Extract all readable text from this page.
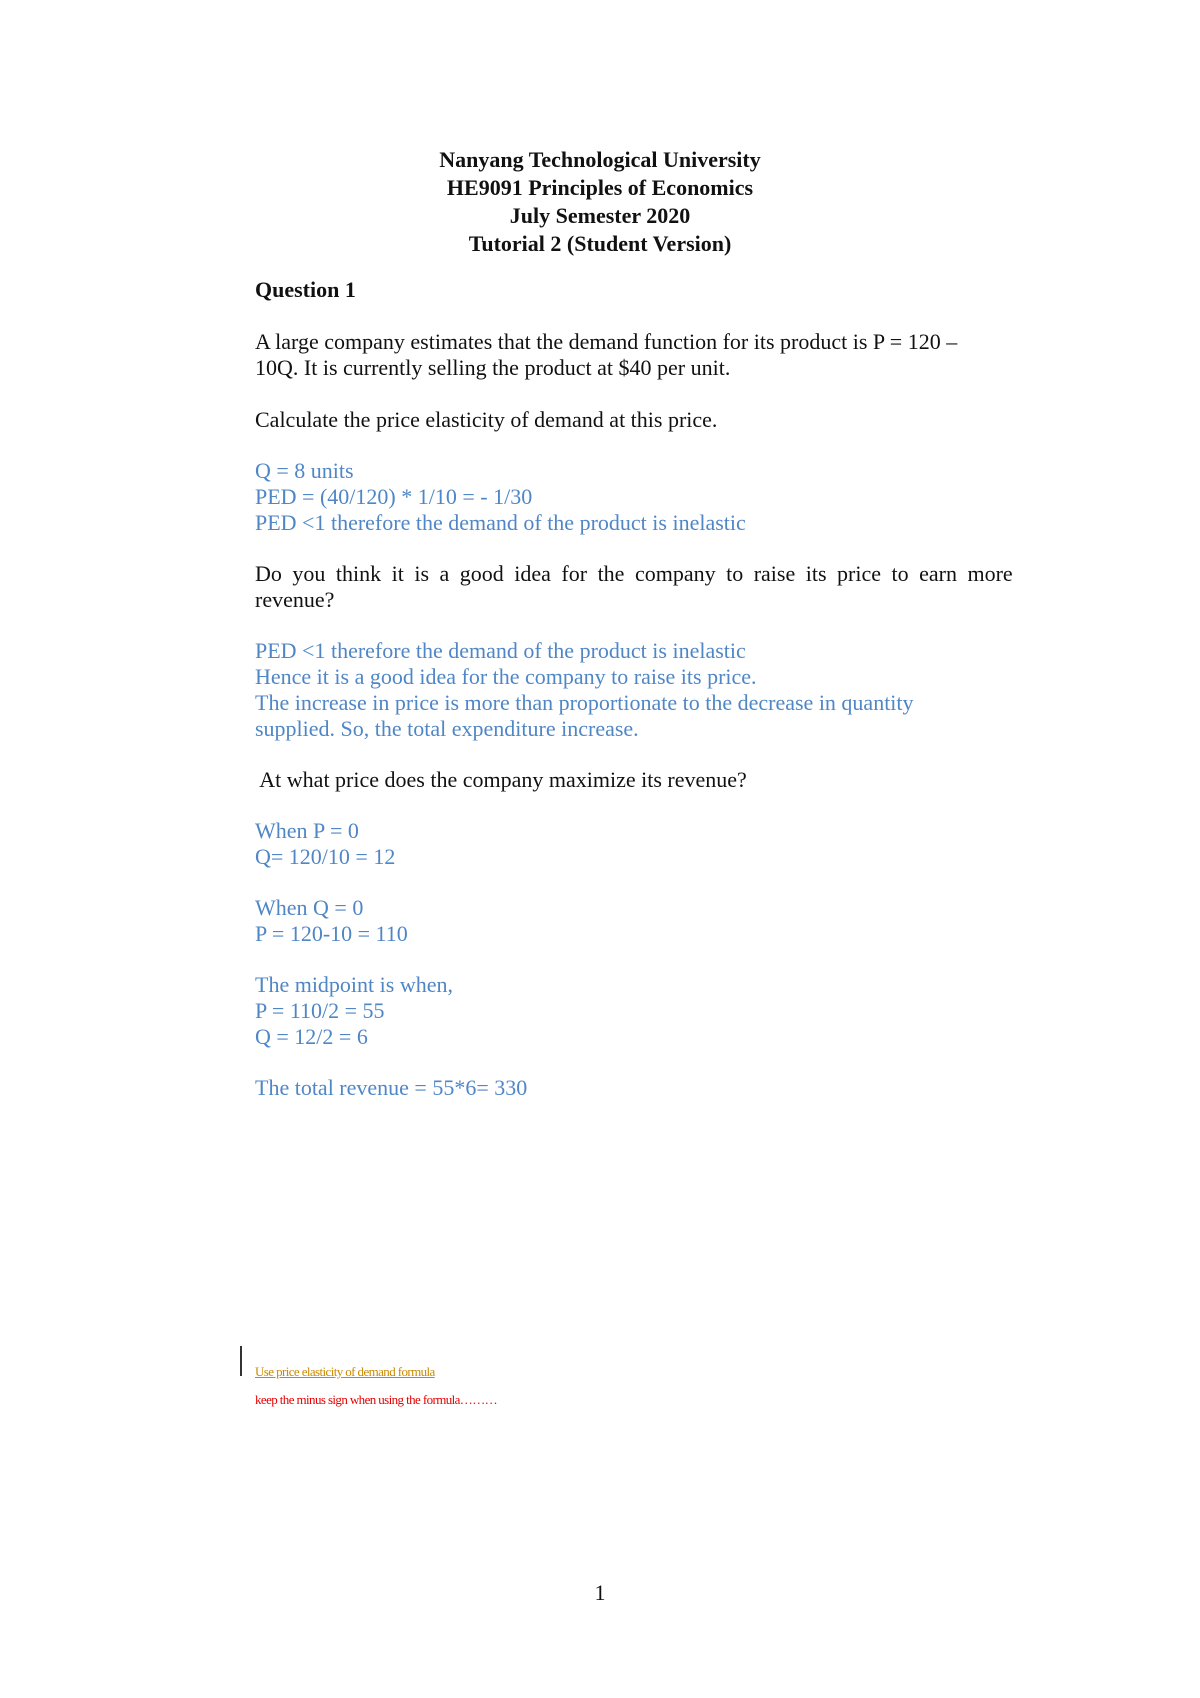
Nanyang Technological University
HE9091 Principles of Economics
July Semester 2020
Tutorial 2 (Student Version)
Question 1
A large company estimates that the demand function for its product is P = 120 –
10Q. It is currently selling the product at $40 per unit.
Calculate the price elasticity of demand at this price.
Q = 8 units
PED = (40/120) * 1/10 = - 1/30
PED <1 therefore the demand of the product is inelastic
Do you think it is a good idea for the company to raise its price to earn more
revenue?
PED <1 therefore the demand of the product is inelastic
Hence it is a good idea for the company to raise its price.
The increase in price is more than proportionate to the decrease in quantity
supplied. So, the total expenditure increase.
At what price does the company maximize its revenue?
When P = 0
Q= 120/10 = 12
When Q = 0
P = 120-10 = 110
The midpoint is when,
P = 110/2 = 55
Q = 12/2 = 6
The total revenue = 55*6= 330
Use price elasticity of demand formula
keep the minus sign when using the formula………
1
